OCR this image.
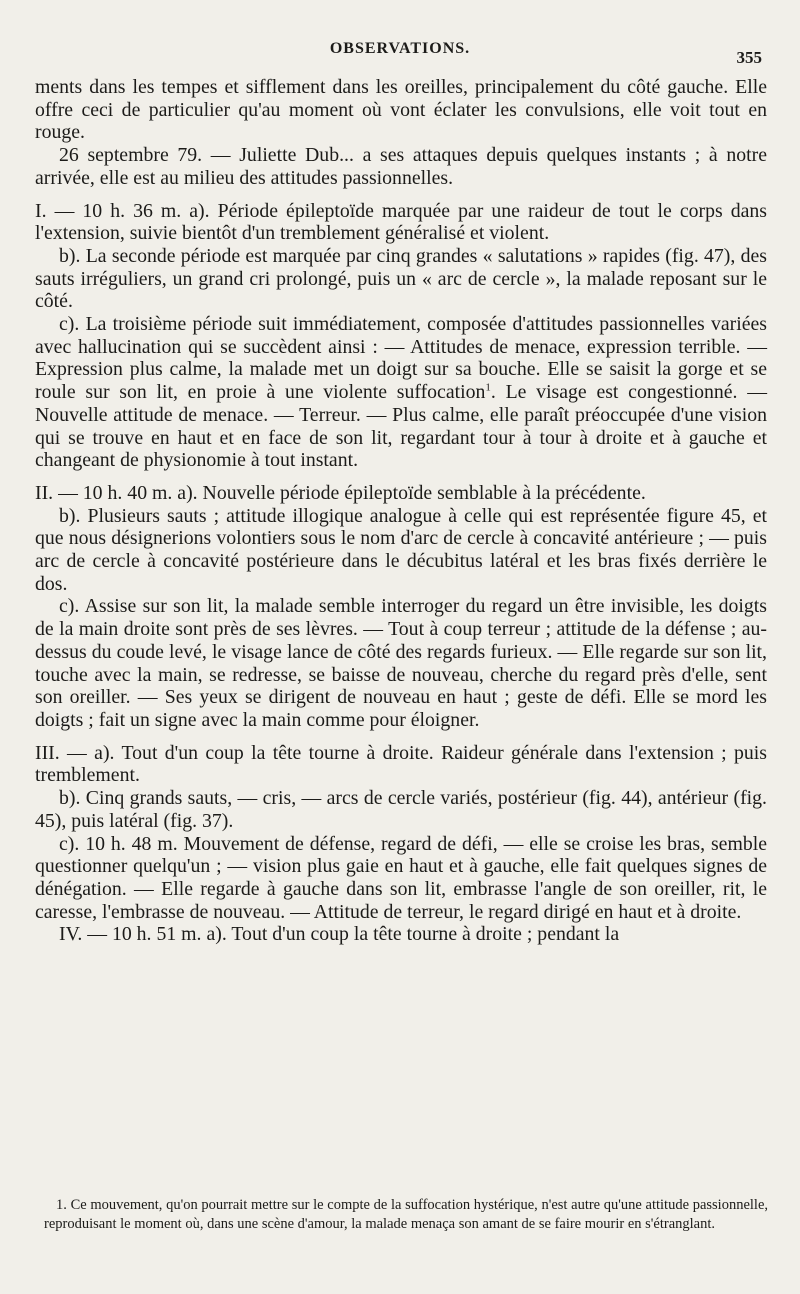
OBSERVATIONS.	355

ments dans les tempes et sifflement dans les oreilles, principalement du côté gauche. Elle offre ceci de particulier qu'au moment où vont éclater les convulsions, elle voit tout en rouge.

26 septembre 79. — Juliette Dub... a ses attaques depuis quelques instants ; à notre arrivée, elle est au milieu des attitudes passionnelles.

I. — 10 h. 36 m. a). Période épileptoïde marquée par une raideur de tout le corps dans l'extension, suivie bientôt d'un tremblement généralisé et violent.

b). La seconde période est marquée par cinq grandes « salutations » rapides (fig. 47), des sauts irréguliers, un grand cri prolongé, puis un « arc de cercle », la malade reposant sur le côté.

c). La troisième période suit immédiatement, composée d'attitudes passionnelles variées avec hallucination qui se succèdent ainsi : — Attitudes de menace, expression terrible. — Expression plus calme, la malade met un doigt sur sa bouche. Elle se saisit la gorge et se roule sur son lit, en proie à une violente suffocation$^1$. Le visage est congestionné. — Nouvelle attitude de menace. — Terreur. — Plus calme, elle paraît préoccupée d'une vision qui se trouve en haut et en face de son lit, regardant tour à tour à droite et à gauche et changeant de physionomie à tout instant.

II. — 10 h. 40 m. a). Nouvelle période épileptoïde semblable à la précédente.

b). Plusieurs sauts ; attitude illogique analogue à celle qui est représentée figure 45, et que nous désignerions volontiers sous le nom d'arc de cercle à concavité antérieure ; — puis arc de cercle à concavité postérieure dans le décubitus latéral et les bras fixés derrière le dos.

c). Assise sur son lit, la malade semble interroger du regard un être invisible, les doigts de la main droite sont près de ses lèvres. — Tout à coup terreur ; attitude de la défense ; au-dessus du coude levé, le visage lance de côté des regards furieux. — Elle regarde sur son lit, touche avec la main, se redresse, se baisse de nouveau, cherche du regard près d'elle, sent son oreiller. — Ses yeux se dirigent de nouveau en haut ; geste de défi. Elle se mord les doigts ; fait un signe avec la main comme pour éloigner.

III. — a). Tout d'un coup la tête tourne à droite. Raideur générale dans l'extension ; puis tremblement.

b). Cinq grands sauts, — cris, — arcs de cercle variés, postérieur (fig. 44), antérieur (fig. 45), puis latéral (fig. 37).

c). 10 h. 48 m. Mouvement de défense, regard de défi, — elle se croise les bras, semble questionner quelqu'un ; — vision plus gaie en haut et à gauche, elle fait quelques signes de dénégation. — Elle regarde à gauche dans son lit, embrasse l'angle de son oreiller, rit, le caresse, l'embrasse de nouveau. — Attitude de terreur, le regard dirigé en haut et à droite.

IV. — 10 h. 51 m. a). Tout d'un coup la tête tourne à droite ; pendant la

1. Ce mouvement, qu'on pourrait mettre sur le compte de la suffocation hystérique, n'est autre qu'une attitude passionnelle, reproduisant le moment où, dans une scène d'amour, la malade menaça son amant de se faire mourir en s'étranglant.
